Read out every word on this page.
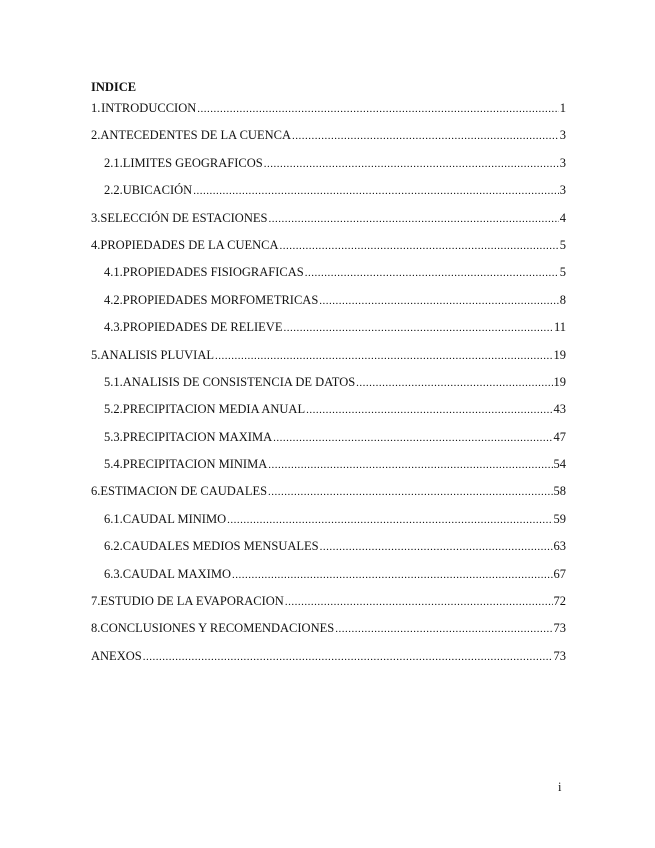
INDICE
1. INTRODUCCION .....	1
2. ANTECEDENTES DE LA CUENCA .....	3
2.1. LIMITES GEOGRAFICOS .....	3
2.2. UBICACIÓN .....	3
3. SELECCIÓN DE ESTACIONES .....	4
4. PROPIEDADES DE LA CUENCA .....	5
4.1. PROPIEDADES FISIOGRAFICAS .....	5
4.2. PROPIEDADES MORFOMETRICAS .....	8
4.3. PROPIEDADES DE RELIEVE .....	11
5. ANALISIS PLUVIAL .....	19
5.1. ANALISIS DE CONSISTENCIA DE DATOS .....	19
5.2. PRECIPITACION MEDIA ANUAL .....	43
5.3. PRECIPITACION MAXIMA .....	47
5.4. PRECIPITACION MINIMA .....	54
6. ESTIMACION DE CAUDALES .....	58
6.1. CAUDAL MINIMO .....	59
6.2. CAUDALES MEDIOS MENSUALES .....	63
6.3. CAUDAL MAXIMO .....	67
7. ESTUDIO DE LA EVAPORACION .....	72
8. CONCLUSIONES Y RECOMENDACIONES .....	73
ANEXOS .....	73
i
